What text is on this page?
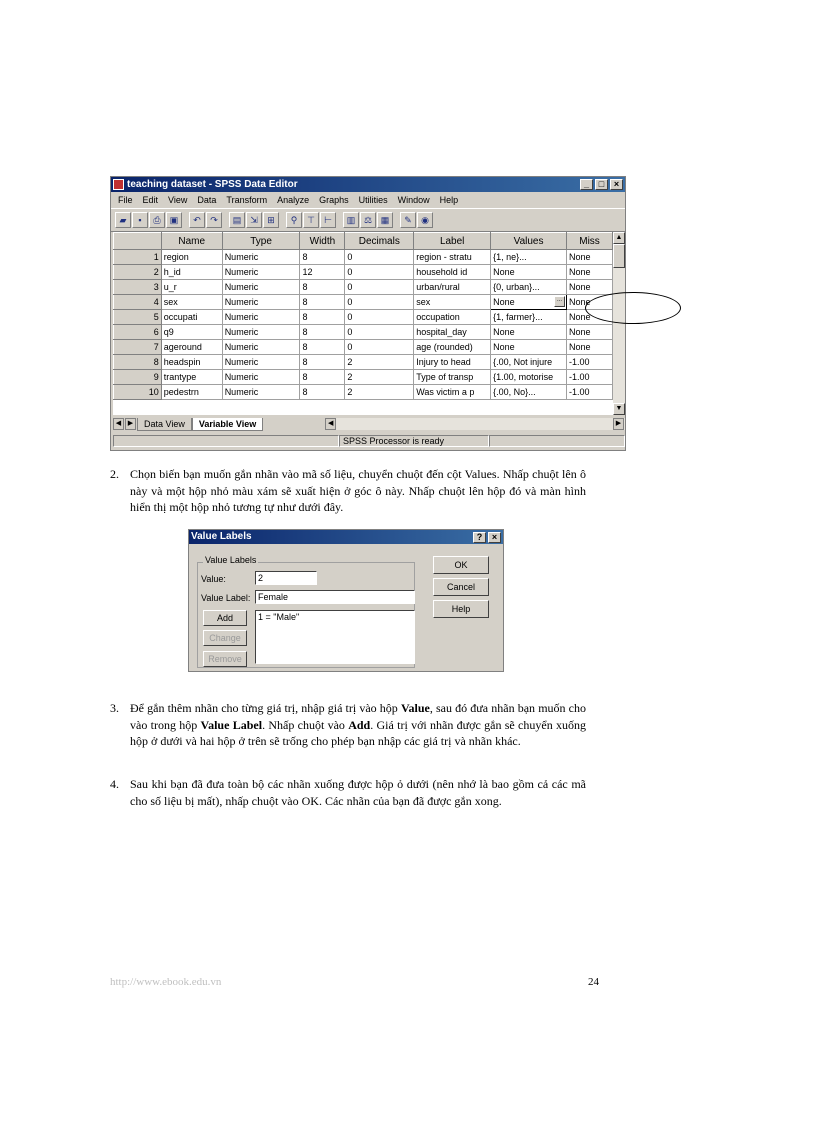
teaching dataset - SPSS Data Editor	_	□	×
File Edit View Data Transform Analyze Graphs Utilities Window Help
▰	▪	⎙	▣	↶	↷	▤ ⇲	⊞	⚲	⊤	⊢	▥ ⚖ ▦	✎	◉
	Name	Type	Width	Decimals	Label	Values	Miss
1	region	Numeric	8	0	region - stratu	{1, ne}...	None
2	h_id	Numeric	12	0	household id	None	None
3	u_r	Numeric	8	0	urban/rural	{0, urban}...	None
4	sex	Numeric	8	0	sex	None ...	None
5	occupati	Numeric	8	0	occupation	{1, farmer}...	None
6	q9	Numeric	8	0	hospital_day	None	None
7	ageround	Numeric	8	0	age (rounded)	None	None
8	headspin	Numeric	8	2	Injury to head	{.00, Not injure	-1.00
9	trantype	Numeric	8	2	Type of transp	{1.00, motorise	-1.00
10	pedestrn	Numeric	8	2	Was victim a p	{.00, No}...	-1.00
▲
▼
◀ ▶	Data View	Variable View	◀	▶
SPSS Processor is ready
2. Chọn biến bạn muốn gắn nhãn vào mã số liệu, chuyển chuột đến cột Values. Nhấp chuột lên ô này và một hộp nhỏ màu xám sẽ xuất hiện ở góc ô này. Nhấp chuột lên hộp đó và màn hình hiển thị một hộp nhỏ tương tự như dưới đây.
Value Labels	?	×
Value Labels
Value:	2
Value Label: Female
Add
Change
Remove
1 = "Male"
OK
Cancel
Help
3. Để gắn thêm nhãn cho từng giá trị, nhập giá trị vào hộp Value, sau đó đưa nhãn bạn muốn cho vào trong hộp Value Label. Nhấp chuột vào Add. Giá trị với nhãn được gắn sẽ chuyển xuống hộp ở dưới và hai hộp ở trên sẽ trống cho phép bạn nhập các giá trị và nhãn khác.
4. Sau khi bạn đã đưa toàn bộ các nhãn xuống được hộp ỏ dưới (nên nhớ là bao gồm cả các mã cho số liệu bị mất), nhấp chuột vào OK. Các nhãn của bạn đã được gắn xong.
http://www.ebook.edu.vn	24
